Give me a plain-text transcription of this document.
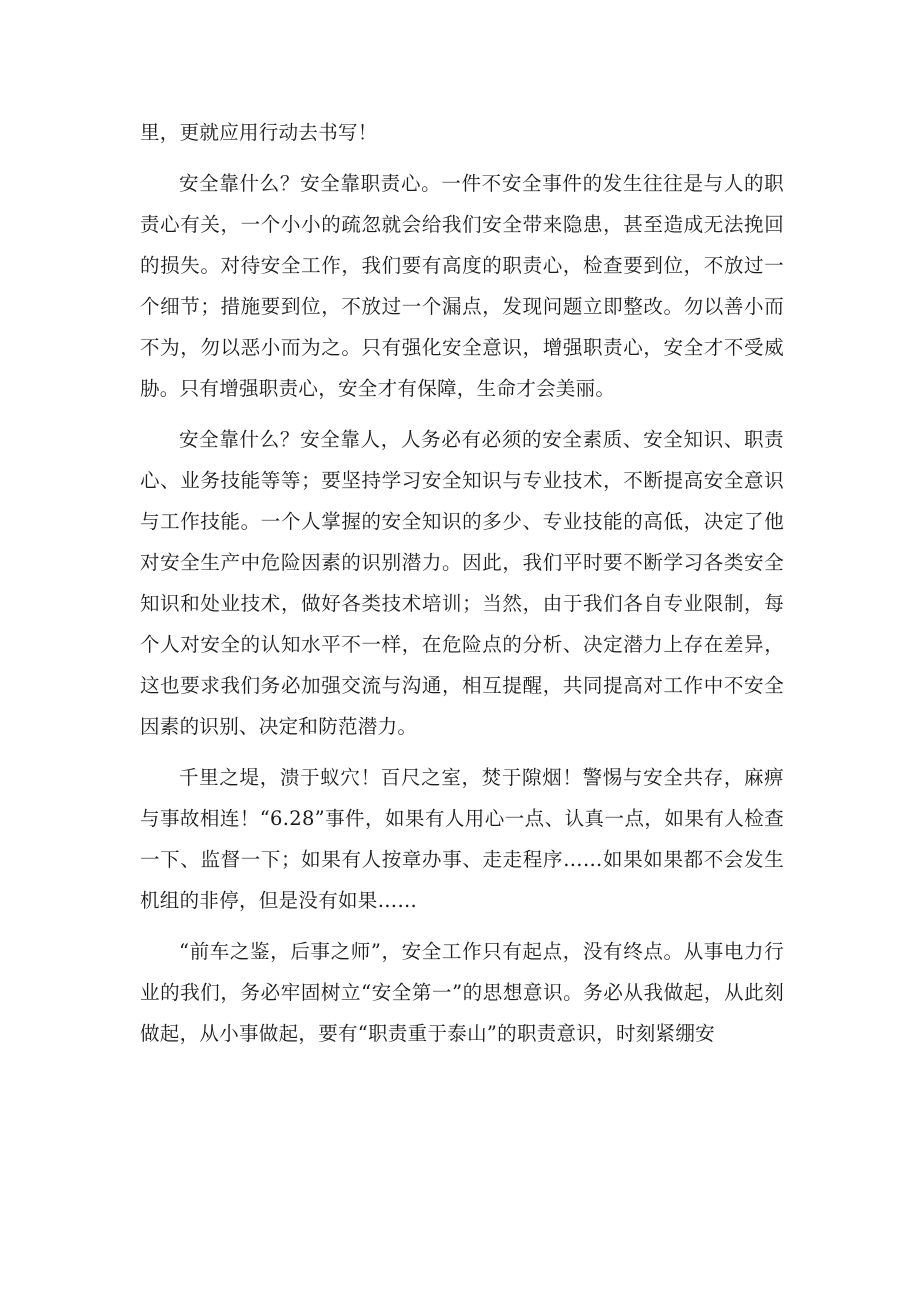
里，更就应用行动去书写！

安全靠什么？安全靠职责心。一件不安全事件的发生往往是与人的职责心有关，一个小小的疏忽就会给我们安全带来隐患，甚至造成无法挽回的损失。对待安全工作，我们要有高度的职责心，检查要到位，不放过一个细节；措施要到位，不放过一个漏点，发现问题立即整改。勿以善小而不为，勿以恶小而为之。只有强化安全意识，增强职责心，安全才不受威胁。只有增强职责心，安全才有保障，生命才会美丽。

安全靠什么？安全靠人，人务必有必须的安全素质、安全知识、职责心、业务技能等等；要坚持学习安全知识与专业技术，不断提高安全意识与工作技能。一个人掌握的安全知识的多少、专业技能的高低，决定了他对安全生产中危险因素的识别潜力。因此，我们平时要不断学习各类安全知识和处业技术，做好各类技术培训；当然，由于我们各自专业限制，每个人对安全的认知水平不一样，在危险点的分析、决定潜力上存在差异，这也要求我们务必加强交流与沟通，相互提醒，共同提高对工作中不安全因素的识别、决定和防范潜力。

千里之堤，溃于蚁穴！百尺之室，焚于隙烟！警惕与安全共存，麻痹与事故相连！“6.28”事件，如果有人用心一点、认真一点，如果有人检查一下、监督一下；如果有人按章办事、走走程序……如果如果都不会发生机组的非停，但是没有如果……

“前车之鉴，后事之师”，安全工作只有起点，没有终点。从事电力行业的我们，务必牢固树立“安全第一”的思想意识。务必从我做起，从此刻做起，从小事做起，要有“职责重于泰山”的职责意识，时刻紧绷安
